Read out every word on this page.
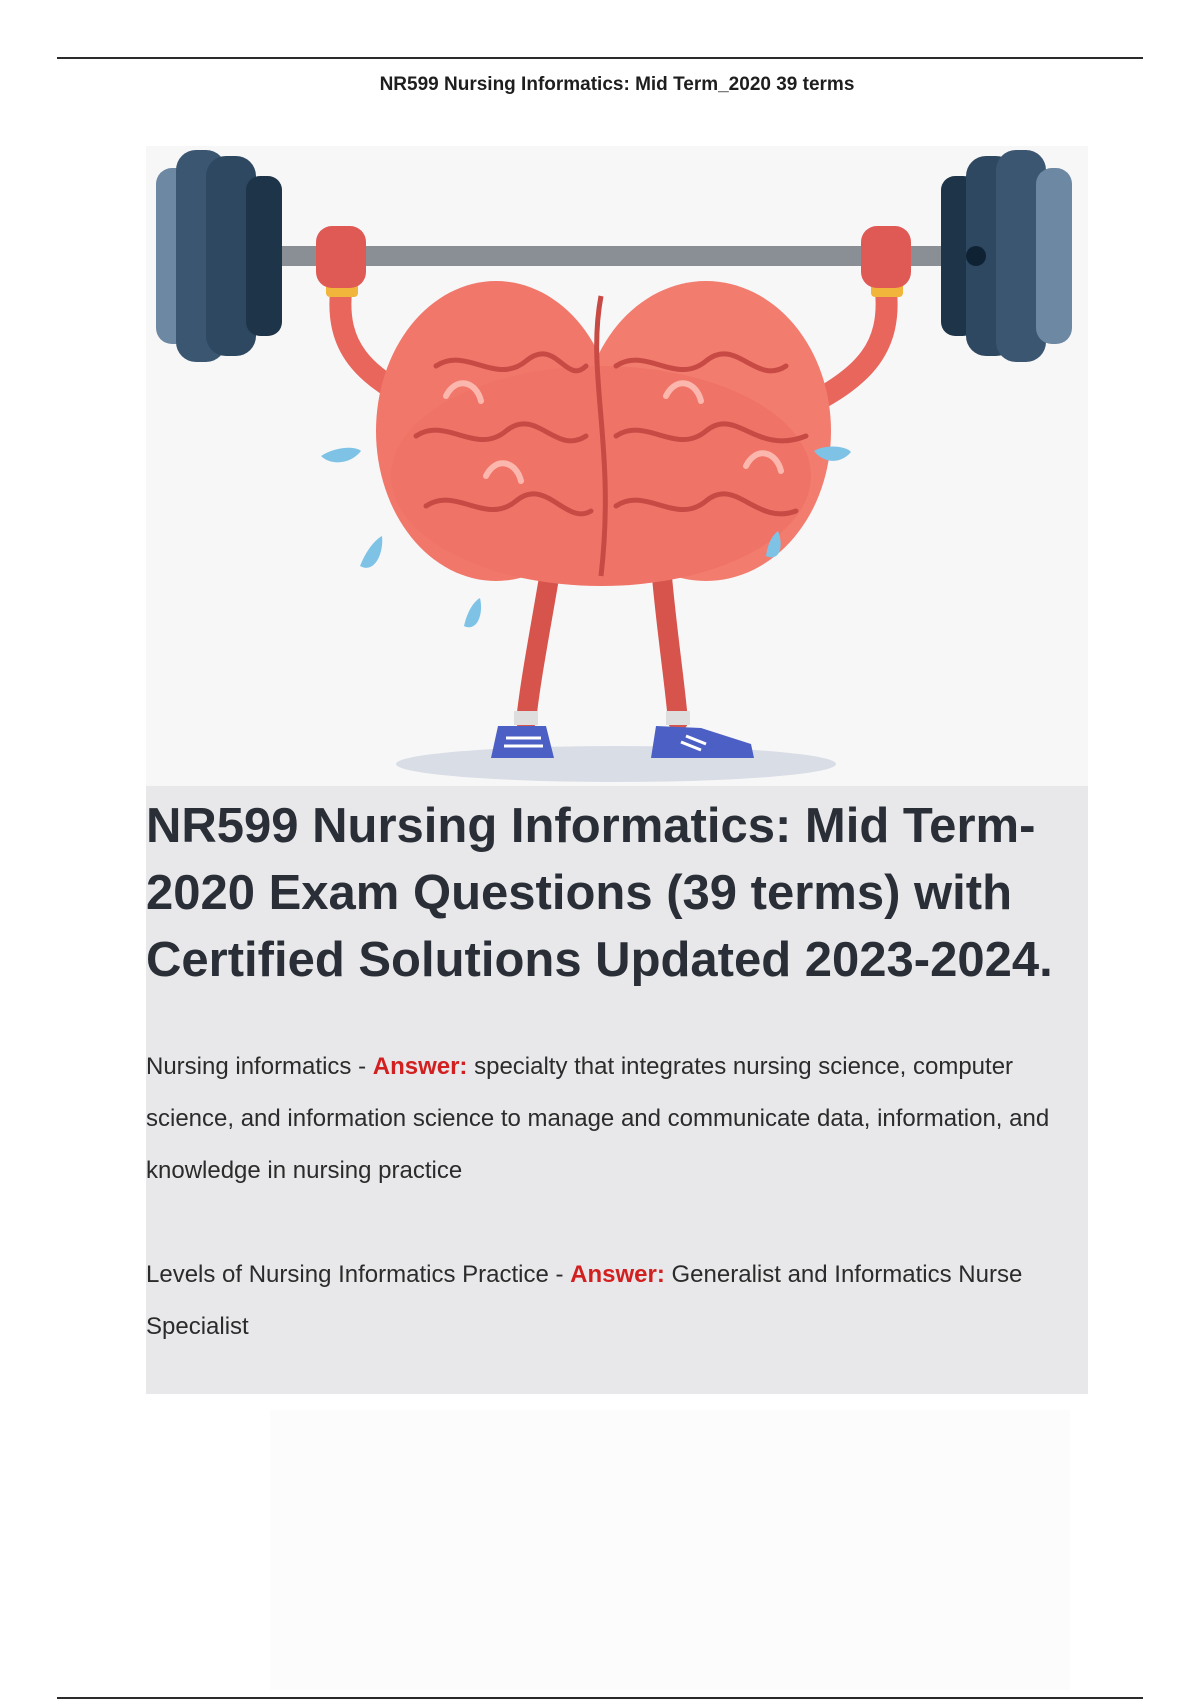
NR599 Nursing Informatics: Mid Term_2020 39 terms
NR599 Nursing Informatics: Mid Term-2020 Exam Questions (39 terms) with Certified Solutions Updated 2023-2024.
Nursing informatics - Answer: specialty that integrates nursing science, computer science, and information science to manage and communicate data, information, and knowledge in nursing practice
Levels of Nursing Informatics Practice - Answer: Generalist and Informatics Nurse Specialist
